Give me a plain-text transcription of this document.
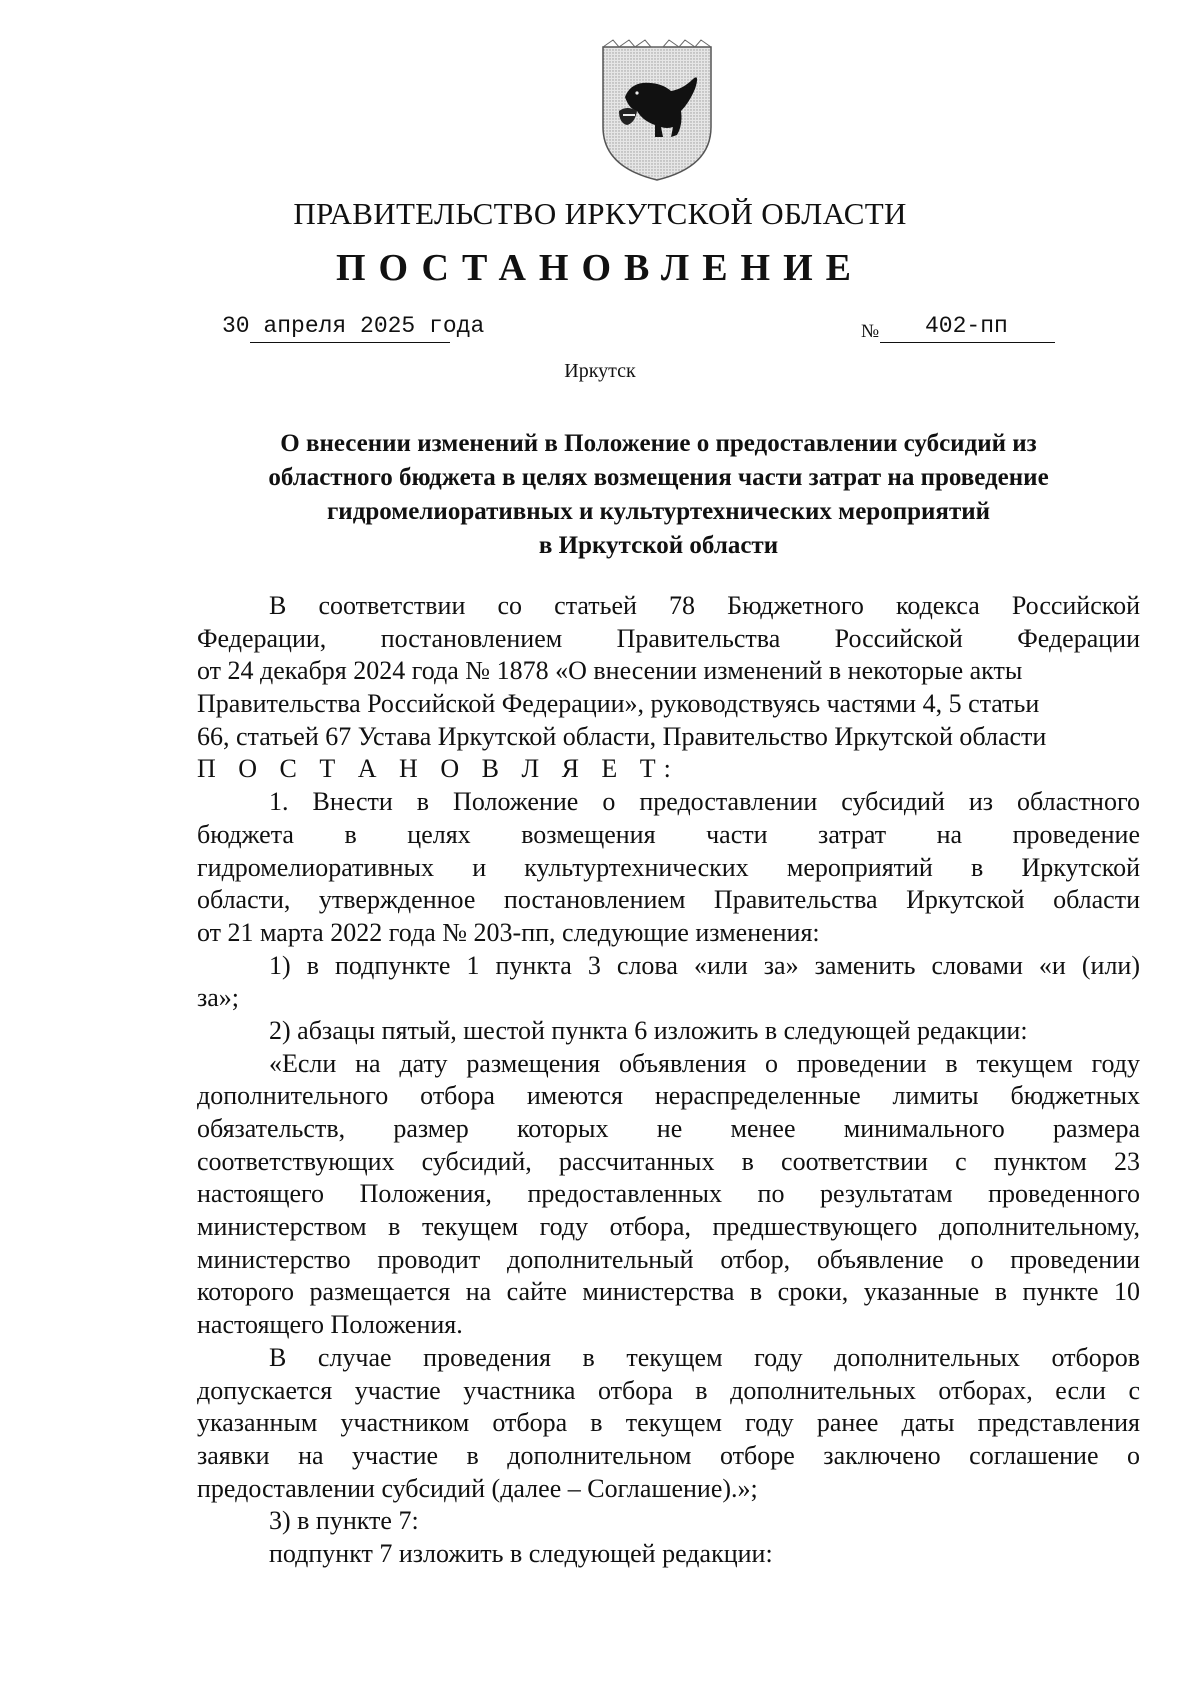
ПРАВИТЕЛЬСТВО ИРКУТСКОЙ ОБЛАСТИ
ПОСТАНОВЛЕНИЕ
30 апреля 2025 года	№ 402-пп
Иркутск
О внесении изменений в Положение о предоставлении субсидий из
областного бюджета в целях возмещения части затрат на проведение
гидромелиоративных и культуртехнических мероприятий
в Иркутской области
В соответствии со статьей 78 Бюджетного кодекса Российской
Федерации, постановлением Правительства Российской Федерации
от 24 декабря 2024 года № 1878 «О внесении изменений в некоторые акты
Правительства Российской Федерации», руководствуясь частями 4, 5 статьи
66, статьей 67 Устава Иркутской области, Правительство Иркутской области
П О С Т А Н О В Л Я Е Т:
1. Внести в Положение о предоставлении субсидий из областного
бюджета в целях возмещения части затрат на проведение
гидромелиоративных и культуртехнических мероприятий в Иркутской
области, утвержденное постановлением Правительства Иркутской области
от 21 марта 2022 года № 203-пп, следующие изменения:
1) в подпункте 1 пункта 3 слова «или за» заменить словами «и (или)
за»;
2) абзацы пятый, шестой пункта 6 изложить в следующей редакции:
«Если на дату размещения объявления о проведении в текущем году
дополнительного отбора имеются нераспределенные лимиты бюджетных
обязательств, размер которых не менее минимального размера
соответствующих субсидий, рассчитанных в соответствии с пунктом 23
настоящего Положения, предоставленных по результатам проведенного
министерством в текущем году отбора, предшествующего дополнительному,
министерство проводит дополнительный отбор, объявление о проведении
которого размещается на сайте министерства в сроки, указанные в пункте 10
настоящего Положения.
В случае проведения в текущем году дополнительных отборов
допускается участие участника отбора в дополнительных отборах, если с
указанным участником отбора в текущем году ранее даты представления
заявки на участие в дополнительном отборе заключено соглашение о
предоставлении субсидий (далее – Соглашение).»;
3) в пункте 7:
подпункт 7 изложить в следующей редакции:
